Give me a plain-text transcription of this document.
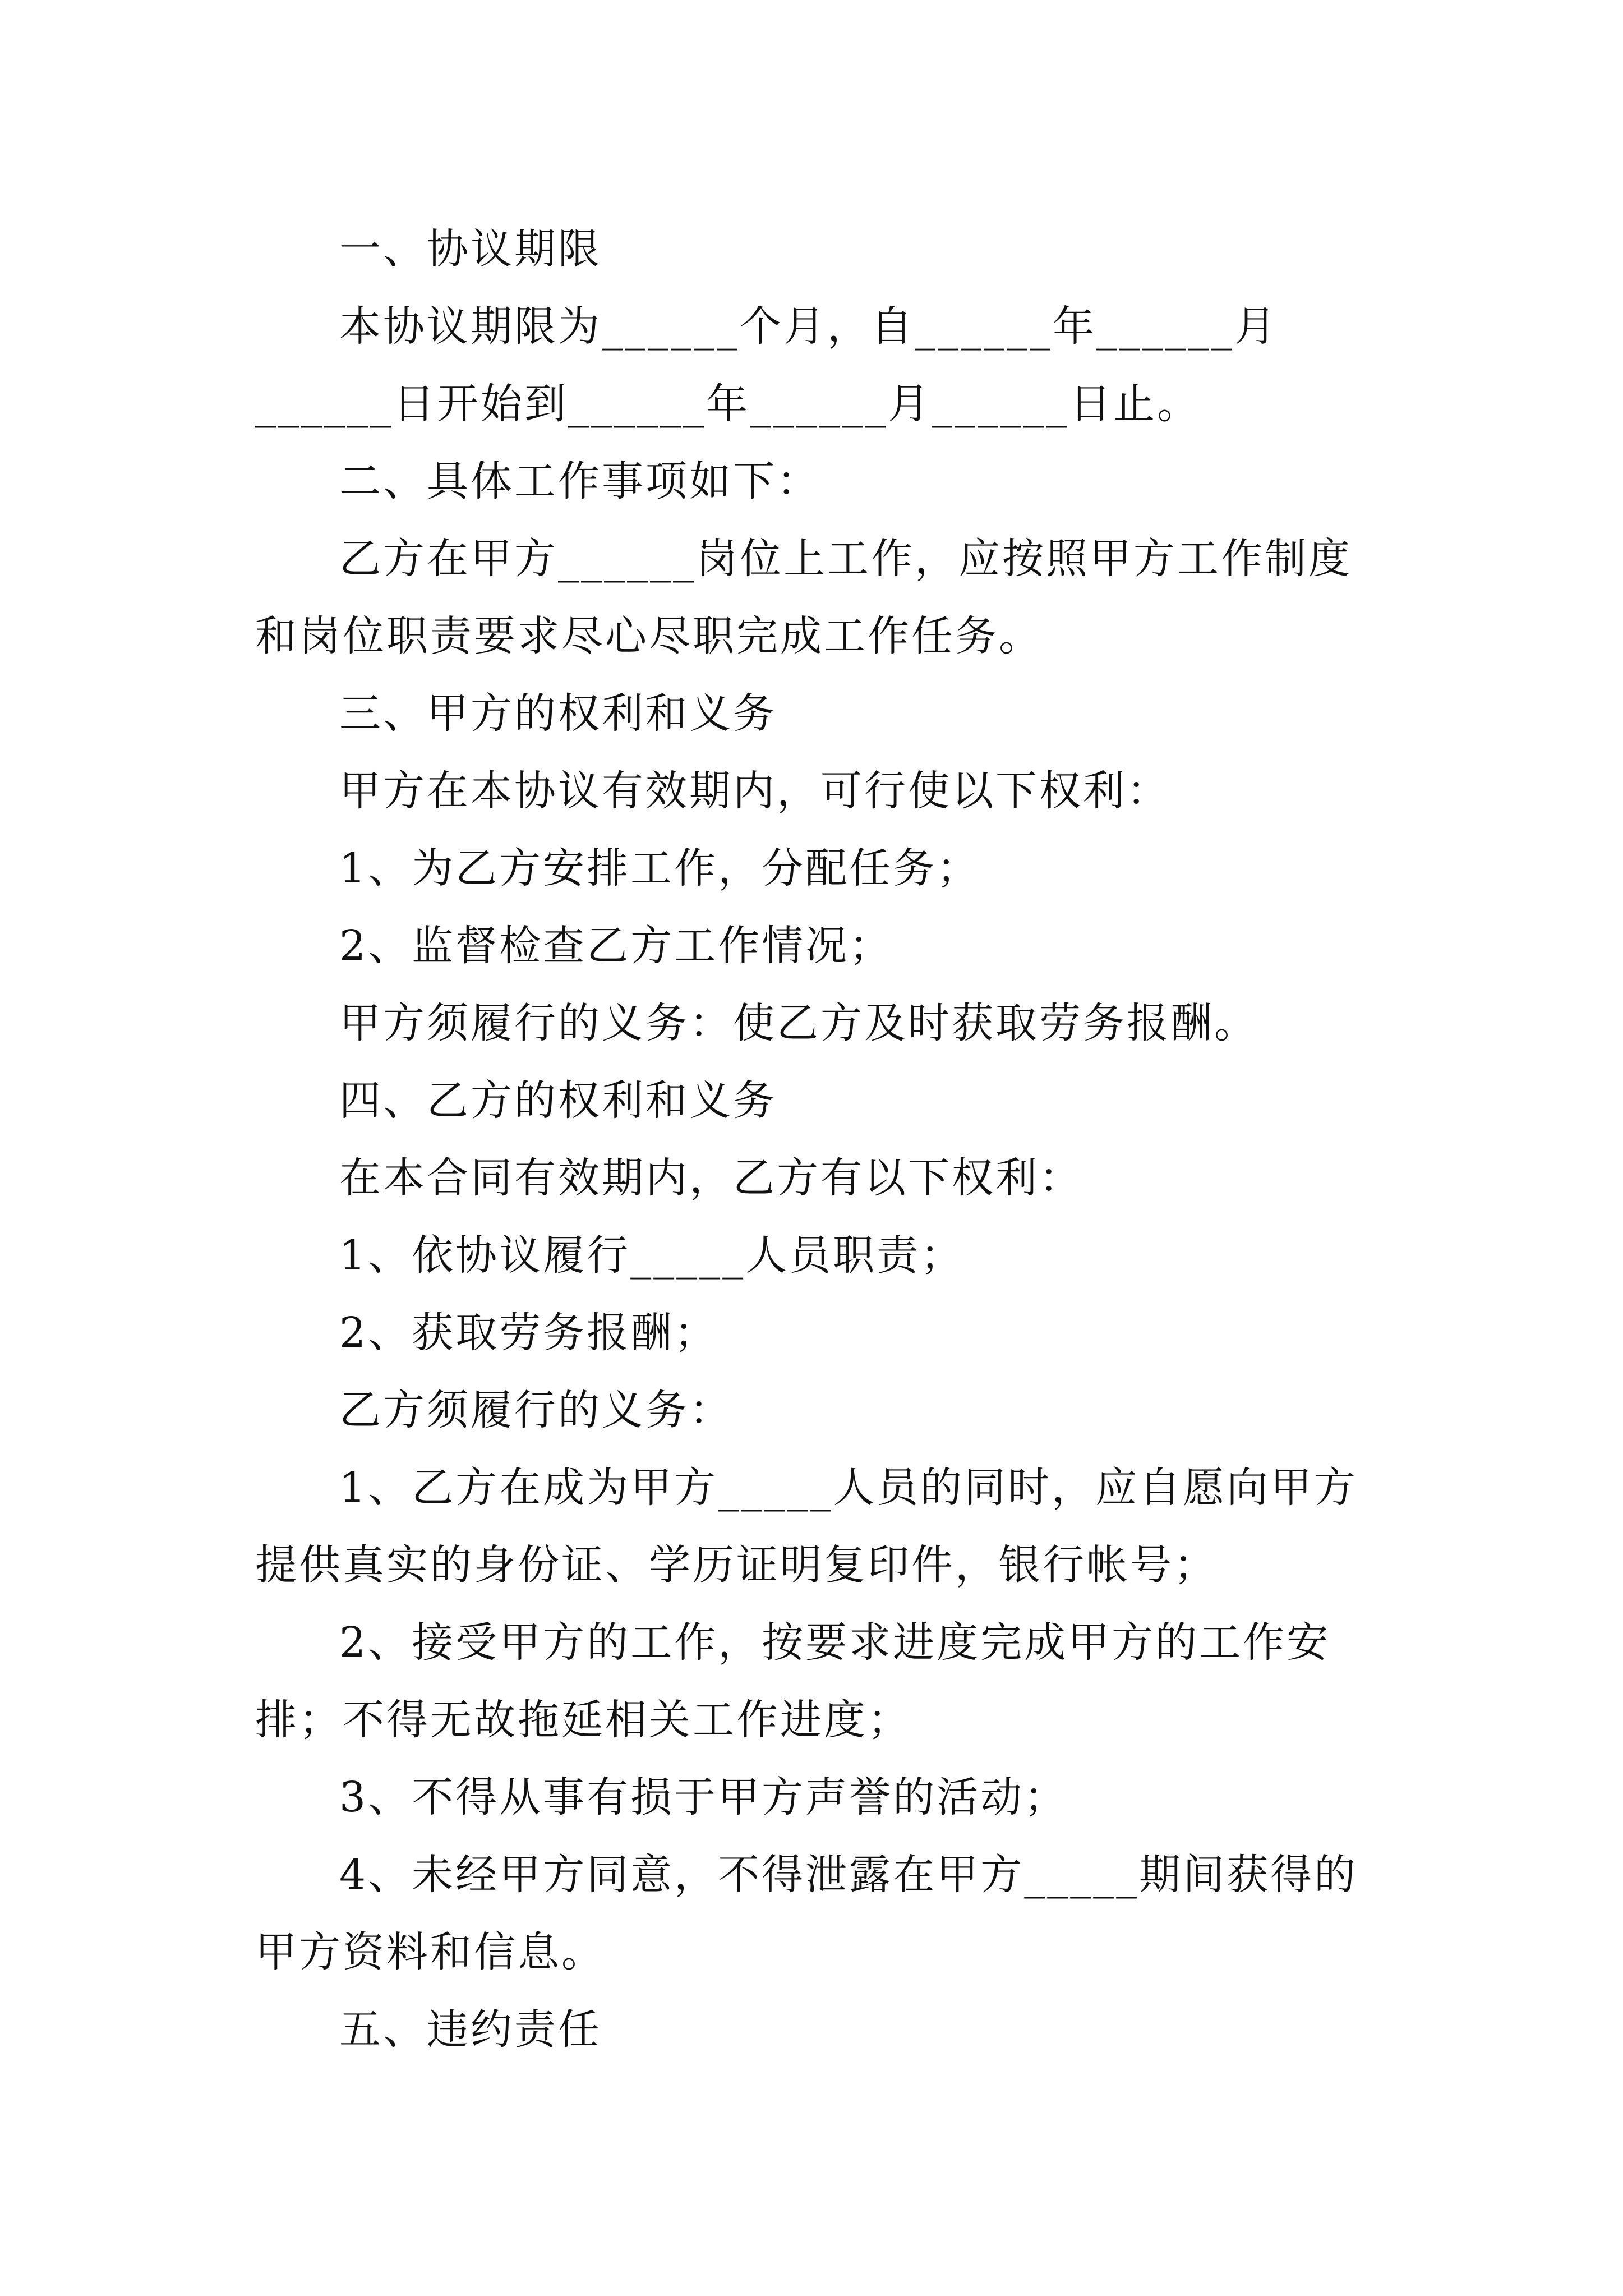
一、协议期限

本协议期限为______个月，自______年______月______日开始到______年______月______日止。

二、具体工作事项如下：

乙方在甲方______岗位上工作，应按照甲方工作制度和岗位职责要求尽心尽职完成工作任务。

三、甲方的权利和义务

甲方在本协议有效期内，可行使以下权利：

1、为乙方安排工作，分配任务；

2、监督检查乙方工作情况；

甲方须履行的义务：使乙方及时获取劳务报酬。

四、乙方的权利和义务

在本合同有效期内，乙方有以下权利：

1、依协议履行_____人员职责；

2、获取劳务报酬；

乙方须履行的义务：

1、乙方在成为甲方_____人员的同时，应自愿向甲方提供真实的身份证、学历证明复印件，银行帐号；

2、接受甲方的工作，按要求进度完成甲方的工作安排；不得无故拖延相关工作进度；

3、不得从事有损于甲方声誉的活动；

4、未经甲方同意，不得泄露在甲方_____期间获得的甲方资料和信息。

五、违约责任
